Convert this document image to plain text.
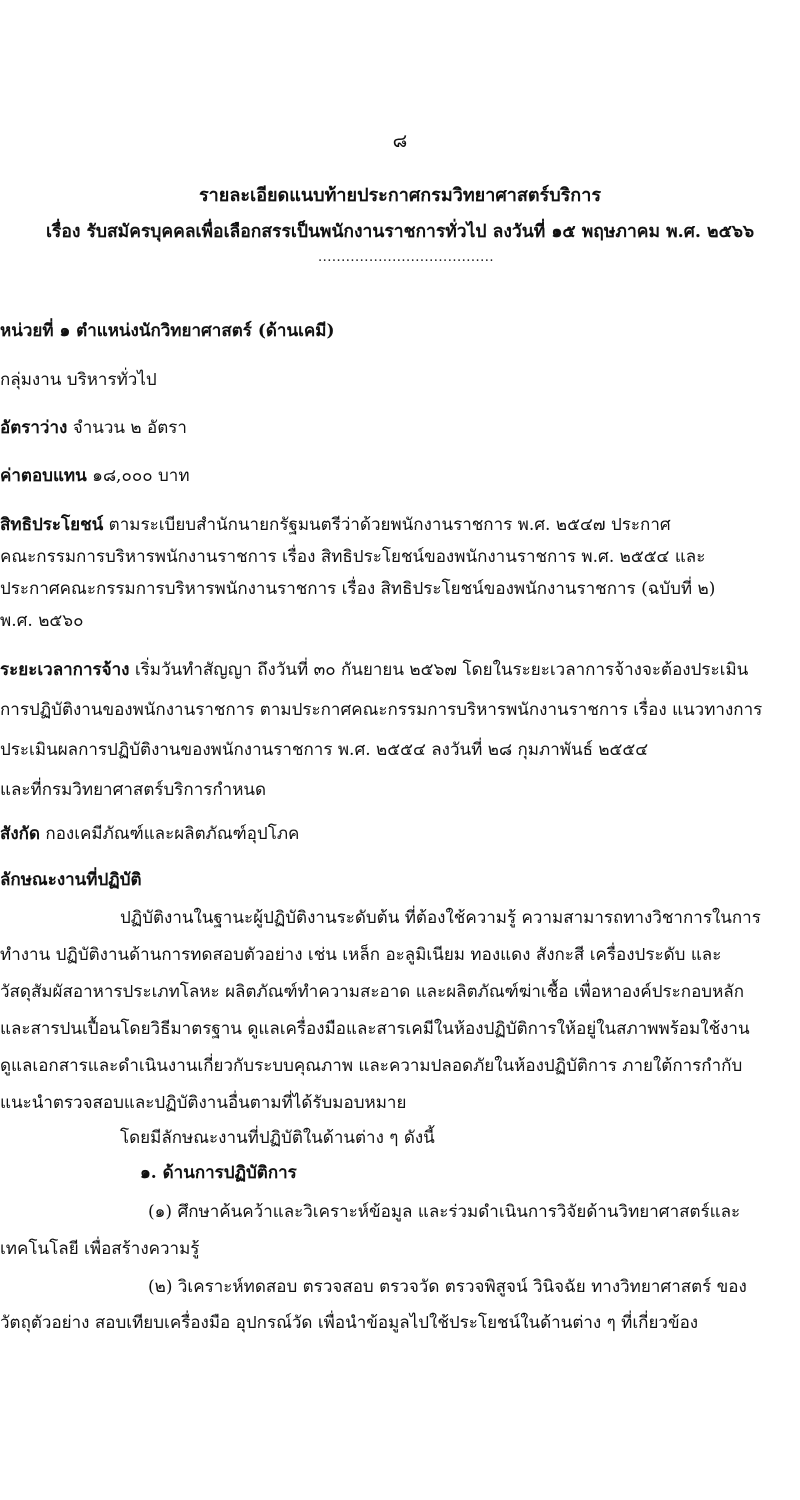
๘
รายละเอียดแนบท้ายประกาศกรมวิทยาศาสตร์บริการ
เรื่อง รับสมัครบุคคลเพื่อเลือกสรรเป็นพนักงานราชการทั่วไป ลงวันที่ ๑๕ พฤษภาคม พ.ศ. ๒๕๖๖
......................................
หน่วยที่ ๑ ตำแหน่งนักวิทยาศาสตร์ (ด้านเคมี)
กลุ่มงาน บริหารทั่วไป
อัตราว่าง จำนวน ๒ อัตรา
ค่าตอบแทน ๑๘,๐๐๐ บาท
สิทธิประโยชน์ ตามระเบียบสำนักนายกรัฐมนตรีว่าด้วยพนักงานราชการ พ.ศ. ๒๕๔๗ ประกาศ
คณะกรรมการบริหารพนักงานราชการ เรื่อง สิทธิประโยชน์ของพนักงานราชการ พ.ศ. ๒๕๕๔ และ
ประกาศคณะกรรมการบริหารพนักงานราชการ เรื่อง สิทธิประโยชน์ของพนักงานราชการ (ฉบับที่ ๒)
พ.ศ. ๒๕๖๐
ระยะเวลาการจ้าง เริ่มวันทำสัญญา ถึงวันที่ ๓๐ กันยายน ๒๕๖๗ โดยในระยะเวลาการจ้างจะต้องประเมิน
การปฏิบัติงานของพนักงานราชการ ตามประกาศคณะกรรมการบริหารพนักงานราชการ เรื่อง แนวทางการ
ประเมินผลการปฏิบัติงานของพนักงานราชการ พ.ศ. ๒๕๕๔ ลงวันที่ ๒๘ กุมภาพันธ์ ๒๕๕๔
และที่กรมวิทยาศาสตร์บริการกำหนด
สังกัด กองเคมีภัณฑ์และผลิตภัณฑ์อุปโภค
ลักษณะงานที่ปฏิบัติ
ปฏิบัติงานในฐานะผู้ปฏิบัติงานระดับต้น ที่ต้องใช้ความรู้ ความสามารถทางวิชาการในการ
ทำงาน ปฏิบัติงานด้านการทดสอบตัวอย่าง เช่น เหล็ก อะลูมิเนียม ทองแดง สังกะสี เครื่องประดับ และ
วัสดุสัมผัสอาหารประเภทโลหะ ผลิตภัณฑ์ทำความสะอาด และผลิตภัณฑ์ฆ่าเชื้อ เพื่อหาองค์ประกอบหลัก
และสารปนเปื้อนโดยวิธีมาตรฐาน ดูแลเครื่องมือและสารเคมีในห้องปฏิบัติการให้อยู่ในสภาพพร้อมใช้งาน
ดูแลเอกสารและดำเนินงานเกี่ยวกับระบบคุณภาพ และความปลอดภัยในห้องปฏิบัติการ ภายใต้การกำกับ
แนะนำตรวจสอบและปฏิบัติงานอื่นตามที่ได้รับมอบหมาย
โดยมีลักษณะงานที่ปฏิบัติในด้านต่าง ๆ ดังนี้
๑. ด้านการปฏิบัติการ
(๑) ศึกษาค้นคว้าและวิเคราะห์ข้อมูล และร่วมดำเนินการวิจัยด้านวิทยาศาสตร์และ
เทคโนโลยี เพื่อสร้างความรู้
(๒) วิเคราะห์ทดสอบ ตรวจสอบ ตรวจวัด ตรวจพิสูจน์ วินิจฉัย ทางวิทยาศาสตร์ ของ
วัตถุตัวอย่าง สอบเทียบเครื่องมือ อุปกรณ์วัด เพื่อนำข้อมูลไปใช้ประโยชน์ในด้านต่าง ๆ ที่เกี่ยวข้อง
